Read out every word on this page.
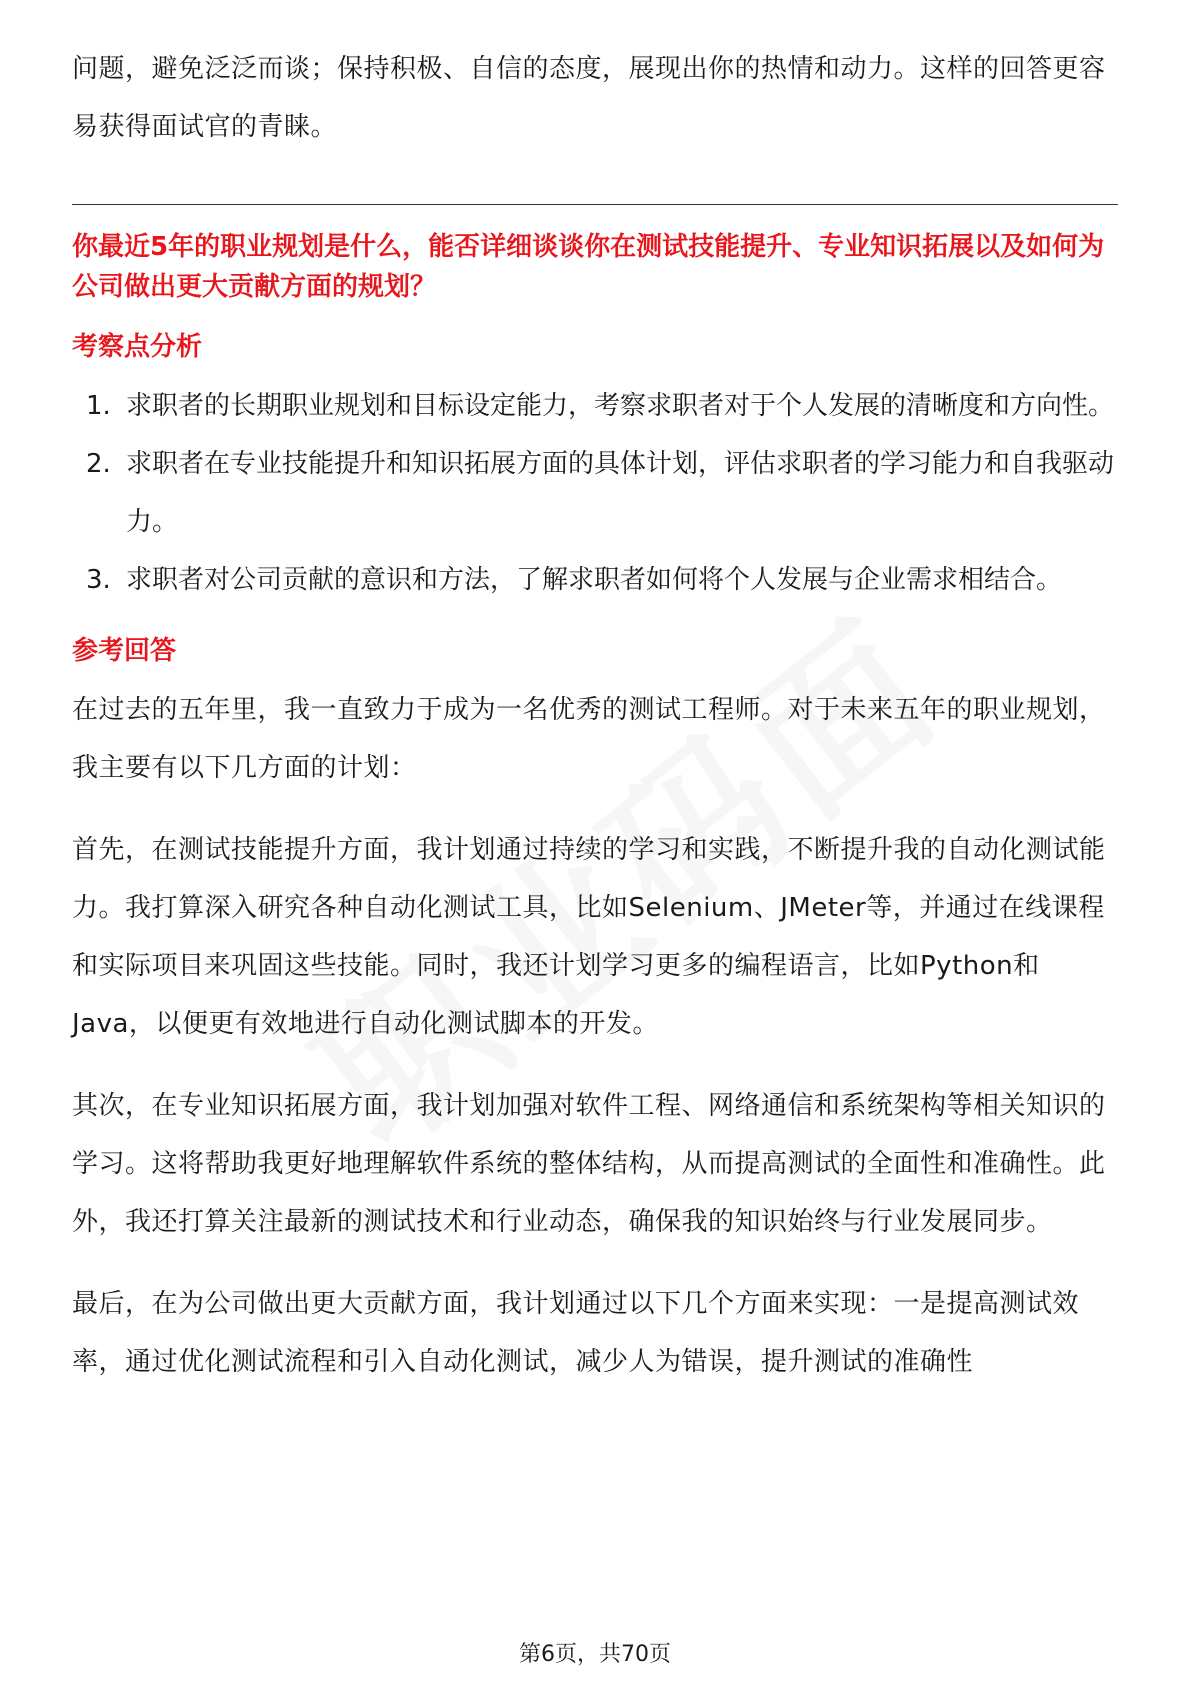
问题，避免泛泛而谈；保持积极、自信的态度，展现出你的热情和动力。这样的回答更容易获得面试官的青睐。

你最近5年的职业规划是什么，能否详细谈谈你在测试技能提升、专业知识拓展以及如何为公司做出更大贡献方面的规划？

考察点分析
1. 求职者的长期职业规划和目标设定能力，考察求职者对于个人发展的清晰度和方向性。
2. 求职者在专业技能提升和知识拓展方面的具体计划，评估求职者的学习能力和自我驱动力。
3. 求职者对公司贡献的意识和方法，了解求职者如何将个人发展与企业需求相结合。
参考回答

在过去的五年里，我一直致力于成为一名优秀的测试工程师。对于未来五年的职业规划，我主要有以下几方面的计划：

首先，在测试技能提升方面，我计划通过持续的学习和实践，不断提升我的自动化测试能力。我打算深入研究各种自动化测试工具，比如Selenium、JMeter等，并通过在线课程和实际项目来巩固这些技能。同时，我还计划学习更多的编程语言，比如Python和Java，以便更有效地进行自动化测试脚本的开发。

其次，在专业知识拓展方面，我计划加强对软件工程、网络通信和系统架构等相关知识的学习。这将帮助我更好地理解软件系统的整体结构，从而提高测试的全面性和准确性。此外，我还打算关注最新的测试技术和行业动态，确保我的知识始终与行业发展同步。

最后，在为公司做出更大贡献方面，我计划通过以下几个方面来实现：一是提高测试效率，通过优化测试流程和引入自动化测试，减少人为错误，提升测试的准确性

第6页，共70页
